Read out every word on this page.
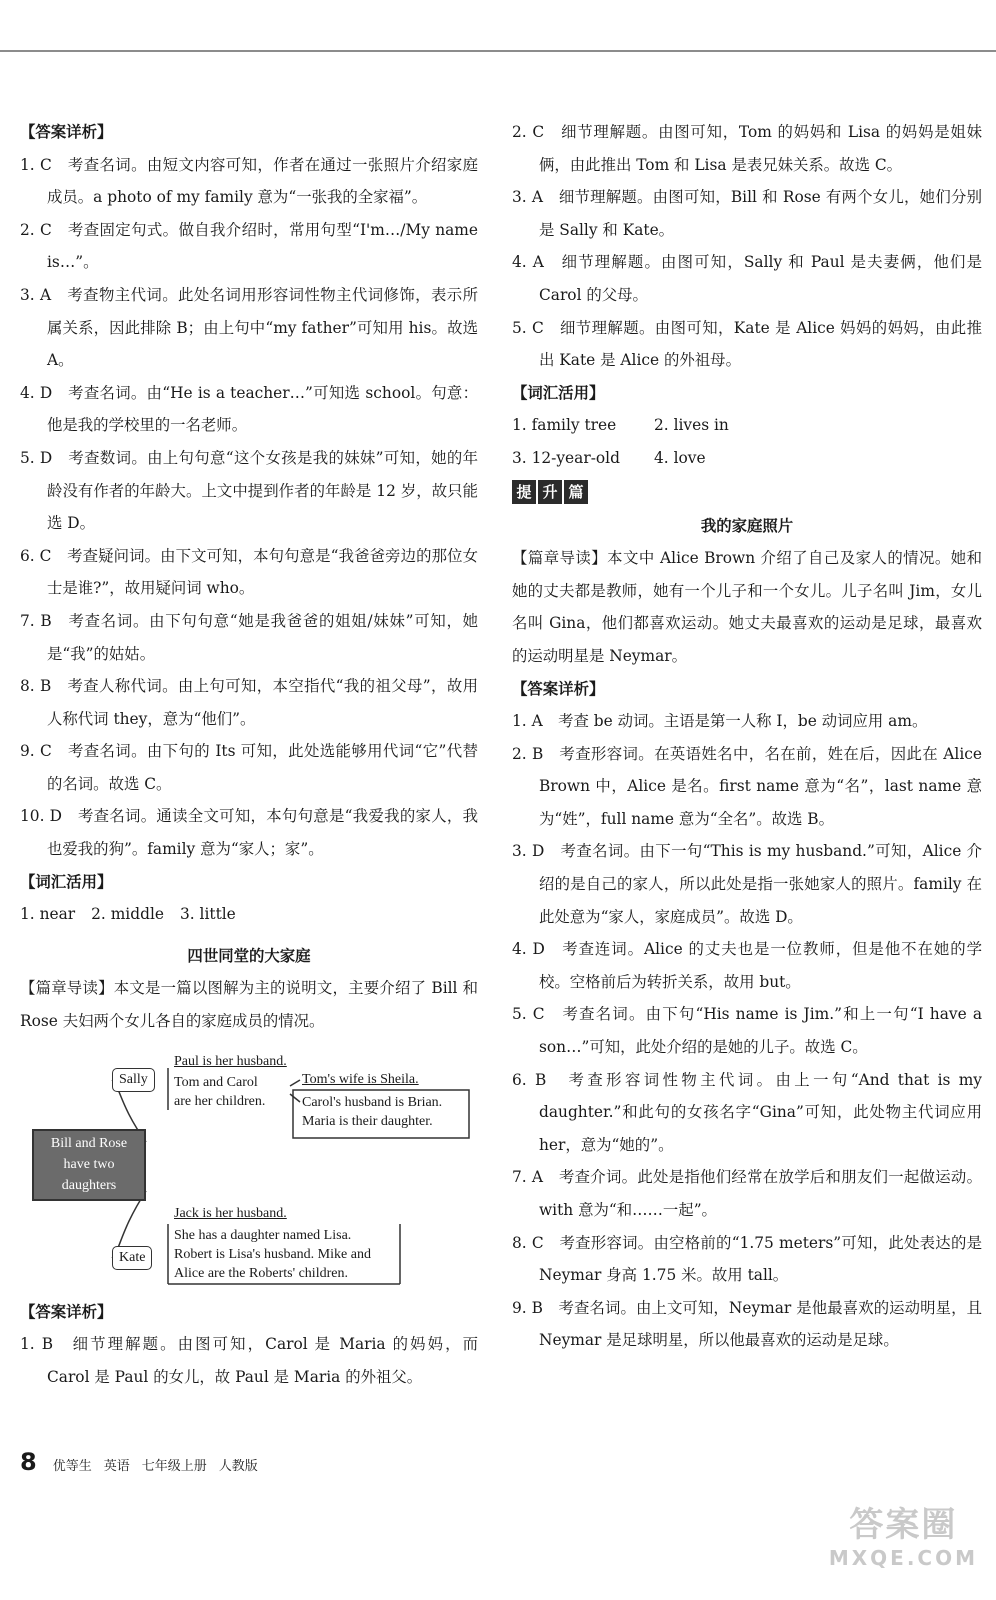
【答案详析】
1. C　考查名词。由短文内容可知，作者在通过一张照片介绍家庭成员。a photo of my family 意为“一张我的全家福”。
2. C　考查固定句式。做自我介绍时，常用句型“I'm…/My name is…”。
3. A　考查物主代词。此处名词用形容词性物主代词修饰，表示所属关系，因此排除 B；由上句中“my father”可知用 his。故选 A。
4. D　考查名词。由“He is a teacher…”可知选 school。句意：他是我的学校里的一名老师。
5. D　考查数词。由上句句意“这个女孩是我的妹妹”可知，她的年龄没有作者的年龄大。上文中提到作者的年龄是 12 岁，故只能选 D。
6. C　考查疑问词。由下文可知，本句句意是“我爸爸旁边的那位女士是谁?”，故用疑问词 who。
7. B　考查名词。由下句句意“她是我爸爸的姐姐/妹妹”可知，她是“我”的姑姑。
8. B　考查人称代词。由上句可知，本空指代“我的祖父母”，故用人称代词 they，意为“他们”。
9. C　考查名词。由下句的 Its 可知，此处选能够用代词“它”代替的名词。故选 C。
10. D　考查名词。通读全文可知，本句句意是“我爱我的家人，我也爱我的狗”。family 意为“家人；家”。
【词汇活用】
1. near 2. middle 3. little
四世同堂的大家庭
【篇章导读】本文是一篇以图解为主的说明文，主要介绍了 Bill 和 Rose 夫妇两个女儿各自的家庭成员的情况。
Sally
Bill and Rose
have two
daughters
Kate
Paul is her husband.
Tom and Carol
are her children.
Tom's wife is Sheila.
Carol's husband is Brian.
Maria is their daughter.
Jack is her husband.
She has a daughter named Lisa.
Robert is Lisa's husband. Mike and
Alice are the Roberts' children.
【答案详析】
1. B　细节理解题。由图可知，Carol 是 Maria 的妈妈，而 Carol 是 Paul 的女儿，故 Paul 是 Maria 的外祖父。
2. C　细节理解题。由图可知，Tom 的妈妈和 Lisa 的妈妈是姐妹俩，由此推出 Tom 和 Lisa 是表兄妹关系。故选 C。
3. A　细节理解题。由图可知，Bill 和 Rose 有两个女儿，她们分别是 Sally 和 Kate。
4. A　细节理解题。由图可知，Sally 和 Paul 是夫妻俩，他们是 Carol 的父母。
5. C　细节理解题。由图可知，Kate 是 Alice 妈妈的妈妈，由此推出 Kate 是 Alice 的外祖母。
【词汇活用】
1. family tree	2. lives in
3. 12-year-old	4. love
提 升 篇
我的家庭照片
【篇章导读】本文中 Alice Brown 介绍了自己及家人的情况。她和她的丈夫都是教师，她有一个儿子和一个女儿。儿子名叫 Jim，女儿名叫 Gina，他们都喜欢运动。她丈夫最喜欢的运动是足球，最喜欢的运动明星是 Neymar。
【答案详析】
1. A　考查 be 动词。主语是第一人称 I，be 动词应用 am。
2. B　考查形容词。在英语姓名中，名在前，姓在后，因此在 Alice Brown 中，Alice 是名。first name 意为“名”，last name 意为“姓”，full name 意为“全名”。故选 B。
3. D　考查名词。由下一句“This is my husband.”可知，Alice 介绍的是自己的家人，所以此处是指一张她家人的照片。family 在此处意为“家人，家庭成员”。故选 D。
4. D　考查连词。Alice 的丈夫也是一位教师，但是他不在她的学校。空格前后为转折关系，故用 but。
5. C　考查名词。由下句“His name is Jim.”和上一句“I have a son…”可知，此处介绍的是她的儿子。故选 C。
6. B　考查形容词性物主代词。由上一句“And that is my daughter.”和此句的女孩名字“Gina”可知，此处物主代词应用 her，意为“她的”。
7. A　考查介词。此处是指他们经常在放学后和朋友们一起做运动。with 意为“和……一起”。
8. C　考查形容词。由空格前的“1.75 meters”可知，此处表达的是 Neymar 身高 1.75 米。故用 tall。
9. B　考查名词。由上文可知，Neymar 是他最喜欢的运动明星，且 Neymar 是足球明星，所以他最喜欢的运动是足球。
8 优等生 英语 七年级上册 人教版
答案圈
MXQE.COM
